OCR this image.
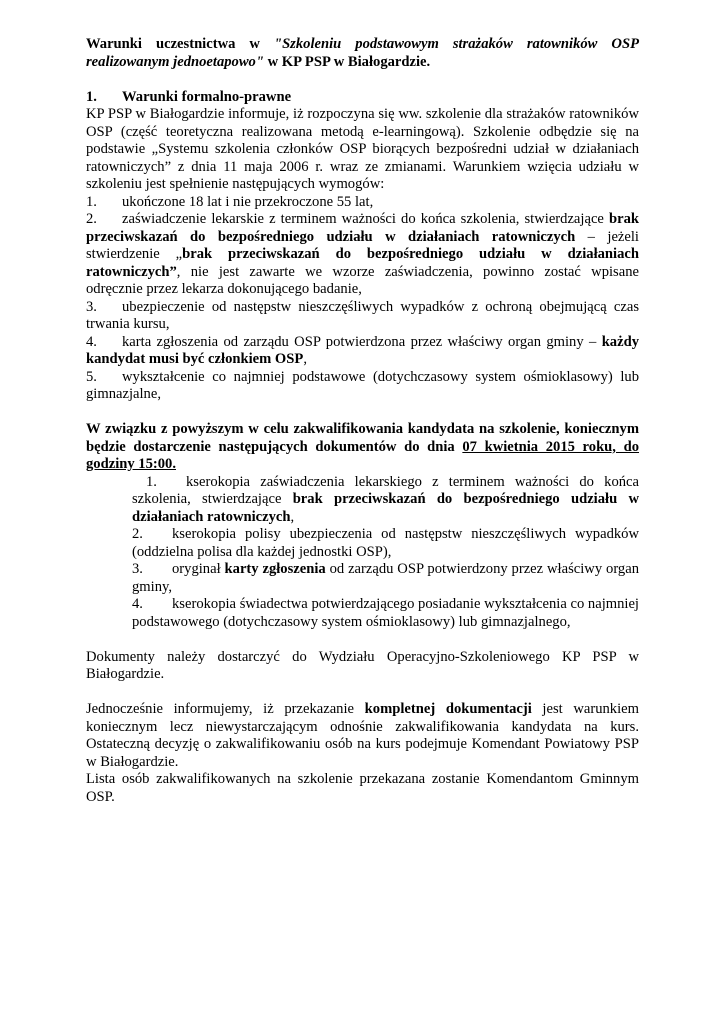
Warunki uczestnictwa w "Szkoleniu podstawowym strażaków ratowników OSP realizowanym jednoetapowo" w KP PSP w Białogardzie.

1. Warunki formalno-prawne

KP PSP w Białogardzie informuje, iż rozpoczyna się ww. szkolenie dla strażaków ratowników OSP (część teoretyczna realizowana metodą e-learningową). Szkolenie odbędzie się na podstawie „Systemu szkolenia członków OSP biorących bezpośredni udział w działaniach ratowniczych” z dnia 11 maja 2006 r. wraz ze zmianami. Warunkiem wzięcia udziału w szkoleniu jest spełnienie następujących wymogów:

1. ukończone 18 lat i nie przekroczone 55 lat,

2. zaświadczenie lekarskie z terminem ważności do końca szkolenia, stwierdzające brak przeciwskazań do bezpośredniego udziału w działaniach ratowniczych – jeżeli stwierdzenie „brak przeciwskazań do bezpośredniego udziału w działaniach ratowniczych”, nie jest zawarte we wzorze zaświadczenia, powinno zostać wpisane odręcznie przez lekarza dokonującego badanie,

3. ubezpieczenie od następstw nieszczęśliwych wypadków z ochroną obejmującą czas trwania kursu,

4. karta zgłoszenia od zarządu OSP potwierdzona przez właściwy organ gminy – każdy kandydat musi być członkiem OSP,

5. wykształcenie co najmniej podstawowe (dotychczasowy system ośmioklasowy) lub gimnazjalne,

W związku z powyższym w celu zakwalifikowania kandydata na szkolenie, koniecznym będzie dostarczenie następujących dokumentów do dnia 07 kwietnia 2015 roku, do godziny 15:00.

1. kserokopia zaświadczenia lekarskiego z terminem ważności do końca szkolenia, stwierdzające brak przeciwskazań do bezpośredniego udziału w działaniach ratowniczych,

2. kserokopia polisy ubezpieczenia od następstw nieszczęśliwych wypadków (oddzielna polisa dla każdej jednostki OSP),

3. oryginał karty zgłoszenia od zarządu OSP potwierdzony przez właściwy organ gminy,

4. kserokopia świadectwa potwierdzającego posiadanie wykształcenia co najmniej podstawowego (dotychczasowy system ośmioklasowy) lub gimnazjalnego,

Dokumenty należy dostarczyć do Wydziału Operacyjno-Szkoleniowego KP PSP w Białogardzie.

Jednocześnie informujemy, iż przekazanie kompletnej dokumentacji jest warunkiem koniecznym lecz niewystarczającym odnośnie zakwalifikowania kandydata na kurs. Ostateczną decyzję o zakwalifikowaniu osób na kurs podejmuje Komendant Powiatowy PSP w Białogardzie.

Lista osób zakwalifikowanych na szkolenie przekazana zostanie Komendantom Gminnym OSP.
